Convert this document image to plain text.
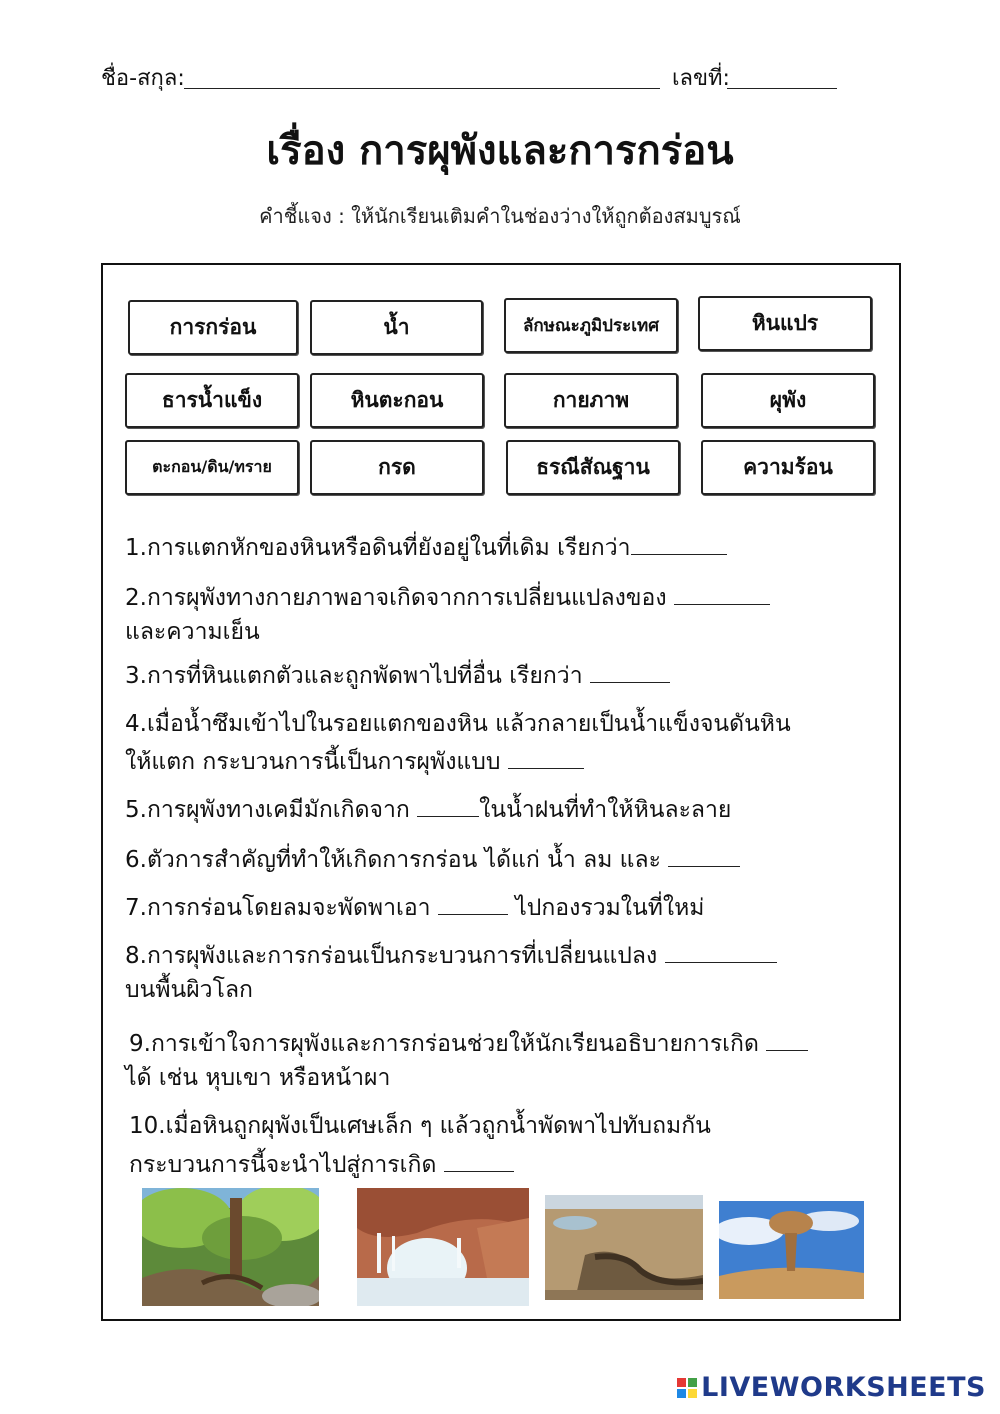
ชื่อ-สกุล:	เลขที่:
เรื่อง การผุพังและการกร่อน
คำชี้แจง : ให้นักเรียนเติมคำในช่องว่างให้ถูกต้องสมบูรณ์
การกร่อน	น้ำ	ลักษณะภูมิประเทศ	หินแปร
ธารน้ำแข็ง	หินตะกอน	กายภาพ	ผุพัง
ตะกอน/ดิน/ทราย	กรด	ธรณีสัณฐาน	ความร้อน
1.การแตกหักของหินหรือดินที่ยังอยู่ในที่เดิม เรียกว่า
2.การผุพังทางกายภาพอาจเกิดจากการเปลี่ยนแปลงของ
และความเย็น
3.การที่หินแตกตัวและถูกพัดพาไปที่อื่น เรียกว่า
4.เมื่อน้ำซึมเข้าไปในรอยแตกของหิน แล้วกลายเป็นน้ำแข็งจนดันหิน
ให้แตก กระบวนการนี้เป็นการผุพังแบบ
5.การผุพังทางเคมีมักเกิดจาก	ในน้ำฝนที่ทำให้หินละลาย
6.ตัวการสำคัญที่ทำให้เกิดการกร่อน ได้แก่ น้ำ ลม และ
7.การกร่อนโดยลมจะพัดพาเอา	ไปกองรวมในที่ใหม่
8.การผุพังและการกร่อนเป็นกระบวนการที่เปลี่ยนแปลง
บนพื้นผิวโลก
9.การเข้าใจการผุพังและการกร่อนช่วยให้นักเรียนอธิบายการเกิด
ได้ เช่น หุบเขา หรือหน้าผา
10.เมื่อหินถูกผุพังเป็นเศษเล็ก ๆ แล้วถูกน้ำพัดพาไปทับถมกัน
กระบวนการนี้จะนำไปสู่การเกิด
LIVEWORKSHEETS
